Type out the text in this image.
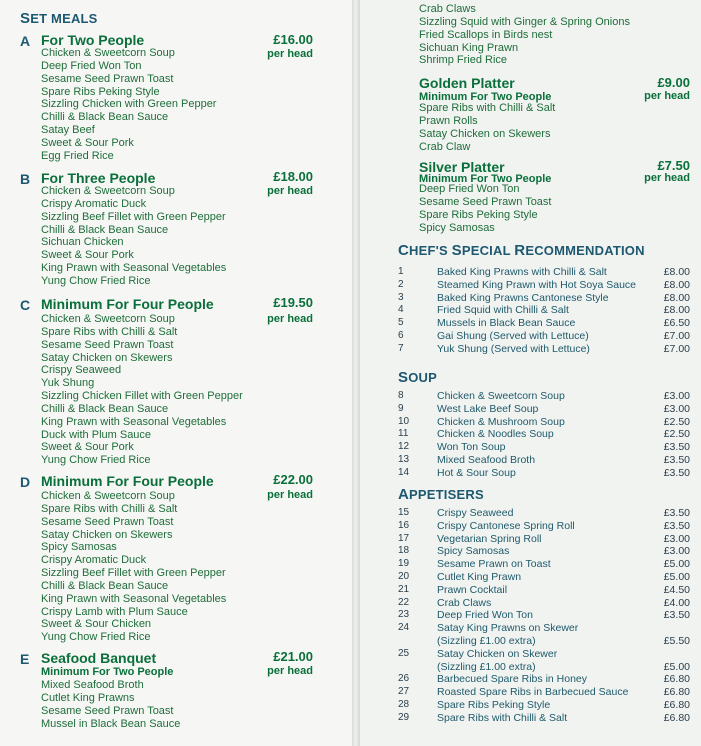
SET MEALS
A For Two People	£16.00
per head
Chicken & Sweetcorn Soup
Deep Fried Won Ton
Sesame Seed Prawn Toast
Spare Ribs Peking Style
Sizzling Chicken with Green Pepper
Chilli & Black Bean Sauce
Satay Beef
Sweet & Sour Pork
Egg Fried Rice
B For Three People	£18.00
per head
Chicken & Sweetcorn Soup
Crispy Aromatic Duck
Sizzling Beef Fillet with Green Pepper
Chilli & Black Bean Sauce
Sichuan Chicken
Sweet & Sour Pork
King Prawn with Seasonal Vegetables
Yung Chow Fried Rice
C Minimum For Four People	£19.50
per head
Chicken & Sweetcorn Soup
Spare Ribs with Chilli & Salt
Sesame Seed Prawn Toast
Satay Chicken on Skewers
Crispy Seaweed
Yuk Shung
Sizzling Chicken Fillet with Green Pepper
Chilli & Black Bean Sauce
King Prawn with Seasonal Vegetables
Duck with Plum Sauce
Sweet & Sour Pork
Yung Chow Fried Rice
D Minimum For Four People	£22.00
per head
Chicken & Sweetcorn Soup
Spare Ribs with Chilli & Salt
Sesame Seed Prawn Toast
Satay Chicken on Skewers
Spicy Samosas
Crispy Aromatic Duck
Sizzling Beef Fillet with Green Pepper
Chilli & Black Bean Sauce
King Prawn with Seasonal Vegetables
Crispy Lamb with Plum Sauce
Sweet & Sour Chicken
Yung Chow Fried Rice
E Seafood Banquet	£21.00
per head
Minimum For Two People
Mixed Seafood Broth
Cutlet King Prawns
Sesame Seed Prawn Toast
Mussel in Black Bean Sauce
Crab Claws
Sizzling Squid with Ginger & Spring Onions
Fried Scallops in Birds nest
Sichuan King Prawn
Shrimp Fried Rice
Golden Platter	£9.00
per head
Minimum For Two People
Spare Ribs with Chilli & Salt
Prawn Rolls
Satay Chicken on Skewers
Crab Claw
Silver Platter	£7.50
per head
Minimum For Two People
Deep Fried Won Ton
Sesame Seed Prawn Toast
Spare Ribs Peking Style
Spicy Samosas
CHEF'S SPECIAL RECOMMENDATION
1	Baked King Prawns with Chilli & Salt	£8.00
2	Steamed King Prawn with Hot Soya Sauce	£8.00
3	Baked King Prawns Cantonese Style	£8.00
4	Fried Squid with Chilli & Salt	£8.00
5	Mussels in Black Bean Sauce	£6.50
6	Gai Shung (Served with Lettuce)	£7.00
7	Yuk Shung (Served with Lettuce)	£7.00
SOUP
8	Chicken & Sweetcorn Soup	£3.00
9	West Lake Beef Soup	£3.00
10	Chicken & Mushroom Soup	£2.50
11	Chicken & Noodles Soup	£2.50
12	Won Ton Soup	£3.50
13	Mixed Seafood Broth	£3.50
14	Hot & Sour Soup	£3.50
APPETISERS
15	Crispy Seaweed	£3.50
16	Crispy Cantonese Spring Roll	£3.50
17	Vegetarian Spring Roll	£3.00
18	Spicy Samosas	£3.00
19	Sesame Prawn on Toast	£5.00
20	Cutlet King Prawn	£5.00
21	Prawn Cocktail	£4.50
22	Crab Claws	£4.00
23	Deep Fried Won Ton	£3.50
24	Satay King Prawns on Skewer
(Sizzling £1.00 extra)	£5.50
25	Satay Chicken on Skewer
(Sizzling £1.00 extra)	£5.00
26	Barbecued Spare Ribs in Honey	£6.80
27	Roasted Spare Ribs in Barbecued Sauce	£6.80
28	Spare Ribs Peking Style	£6.80
29	Spare Ribs with Chilli & Salt	£6.80
